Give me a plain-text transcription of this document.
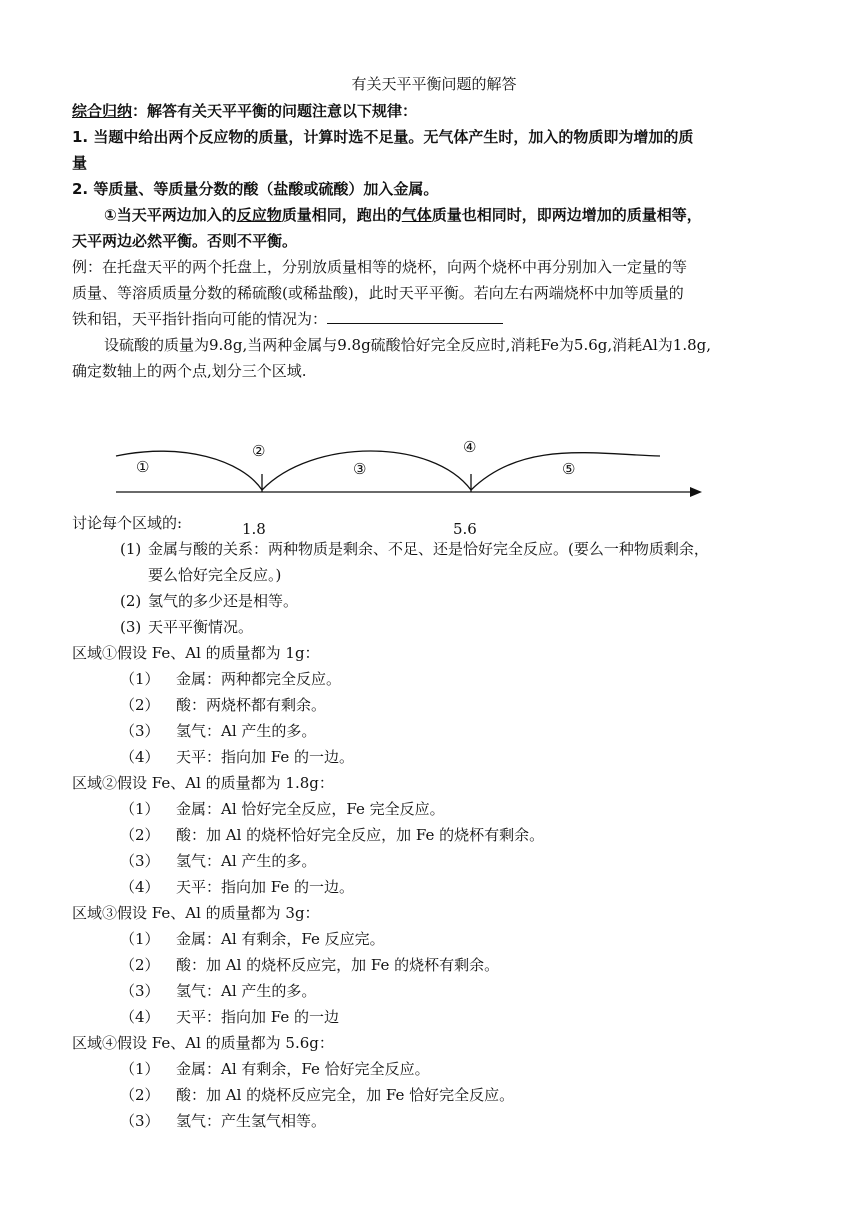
有关天平平衡问题的解答

综合归纳：解答有关天平平衡的问题注意以下规律：

1. 当题中给出两个反应物的质量，计算时选不足量。无气体产生时，加入的物质即为增加的质

量

2. 等质量、等质量分数的酸（盐酸或硫酸）加入金属。

①当天平两边加入的反应物质量相同，跑出的气体质量也相同时，即两边增加的质量相等，

天平两边必然平衡。否则不平衡。

例：在托盘天平的两个托盘上，分别放质量相等的烧杯，向两个烧杯中再分别加入一定量的等

质量、等溶质质量分数的稀硫酸(或稀盐酸)，此时天平平衡。若向左右两端烧杯中加等质量的

铁和铝，天平指针指向可能的情况为：

设硫酸的质量为9.8g,当两种金属与9.8g硫酸恰好完全反应时,消耗Fe为5.6g,消耗Al为1.8g,

确定数轴上的两个点,划分三个区域.

①
②
③
④
⑤

讨论每个区域的:	1.8	5.6

(1) 金属与酸的关系：两种物质是剩余、不足、还是恰好完全反应。(要么一种物质剩余，

要么恰好完全反应。)

(2) 氢气的多少还是相等。

(3) 天平平衡情况。

区域①假设 Fe、Al 的质量都为 1g：

（1） 金属：两种都完全反应。

（2） 酸：两烧杯都有剩余。

（3） 氢气：Al 产生的多。

（4） 天平：指向加 Fe 的一边。

区域②假设 Fe、Al 的质量都为 1.8g：

（1） 金属：Al 恰好完全反应，Fe 完全反应。

（2） 酸：加 Al 的烧杯恰好完全反应，加 Fe 的烧杯有剩余。

（3） 氢气：Al 产生的多。

（4） 天平：指向加 Fe 的一边。

区域③假设 Fe、Al 的质量都为 3g：

（1） 金属：Al 有剩余，Fe 反应完。

（2） 酸：加 Al 的烧杯反应完，加 Fe 的烧杯有剩余。

（3） 氢气：Al 产生的多。

（4） 天平：指向加 Fe 的一边

区域④假设 Fe、Al 的质量都为 5.6g：

（1） 金属：Al 有剩余，Fe 恰好完全反应。

（2） 酸：加 Al 的烧杯反应完全，加 Fe 恰好完全反应。

（3） 氢气：产生氢气相等。
